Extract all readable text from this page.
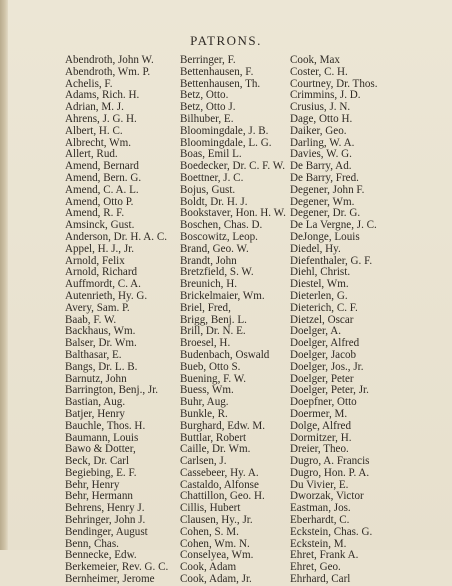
PATRONS.
Abendroth, John W.
Abendroth, Wm. P.
Achelis, F.
Adams, Rich. H.
Adrian, M. J.
Ahrens, J. G. H.
Albert, H. C.
Albrecht, Wm.
Allert, Rud.
Amend, Bernard
Amend, Bern. G.
Amend, C. A. L.
Amend, Otto P.
Amend, R. F.
Amsinck, Gust.
Anderson, Dr. H. A. C.
Appel, H. J., Jr.
Arnold, Felix
Arnold, Richard
Auffmordt, C. A.
Autenrieth, Hy. G.
Avery, Sam. P.
Baab, F. W.
Backhaus, Wm.
Balser, Dr. Wm.
Balthasar, E.
Bangs, Dr. L. B.
Barnutz, John
Barrington, Benj., Jr.
Bastian, Aug.
Batjer, Henry
Bauchle, Thos. H.
Baumann, Louis
Bawo & Dotter,
Beck, Dr. Carl
Begiebing, E. F.
Behr, Henry
Behr, Hermann
Behrens, Henry J.
Behringer, John J.
Bendinger, August
Benn, Chas.
Bennecke, Edw.
Berkemeier, Rev. G. C.
Bernheimer, Jerome
Berringer, F.
Bettenhausen, F.
Bettenhausen, Th.
Betz, Otto.
Betz, Otto J.
Bilhuber, E.
Bloomingdale, J. B.
Bloomingdale, L. G.
Boas, Emil L.
Boedecker, Dr. C. F. W.
Boettner, J. C.
Bojus, Gust.
Boldt, Dr. H. J.
Bookstaver, Hon. H. W.
Boschen, Chas. D.
Boscowitz, Leop.
Brand, Geo. W.
Brandt, John
Bretzfield, S. W.
Breunich, H.
Brickelmaier, Wm.
Briel, Fred,
Brigg, Benj. L.
Brill, Dr. N. E.
Broesel, H.
Budenbach, Oswald
Bueb, Otto S.
Buening, F. W.
Buess, Wm.
Buhr, Aug.
Bunkle, R.
Burghard, Edw. M.
Buttlar, Robert
Caille, Dr. Wm.
Carlsen, J.
Cassebeer, Hy. A.
Castaldo, Alfonse
Chattillon, Geo. H.
Cillis, Hubert
Clausen, Hy., Jr.
Cohen, S. M.
Cohen, Wm. N.
Conselyea, Wm.
Cook, Adam
Cook, Adam, Jr.
Cook, Max
Coster, C. H.
Courtney, Dr. Thos.
Crimmins, J. D.
Crusius, J. N.
Dage, Otto H.
Daiker, Geo.
Darling, W. A.
Davies, W. G.
De Barry, Ad.
De Barry, Fred.
Degener, John F.
Degener, Wm.
Degener, Dr. G.
De La Vergne, J. C.
DeJonge, Louis
Diedel, Hy.
Diefenthaler, G. F.
Diehl, Christ.
Diestel, Wm.
Dieterlen, G.
Dieterich, C. F.
Dietzel, Oscar
Doelger, A.
Doelger, Alfred
Doelger, Jacob
Doelger, Jos., Jr.
Doelger, Peter
Doelger, Peter, Jr.
Doepfner, Otto
Doermer, M.
Dolge, Alfred
Dormitzer, H.
Dreier, Theo.
Dugro, A. Francis
Dugro, Hon. P. A.
Du Vivier, E.
Dworzak, Victor
Eastman, Jos.
Eberhardt, C.
Eckstein, Chas. G.
Eckstein, M.
Ehret, Frank A.
Ehret, Geo.
Ehrhard, Carl
